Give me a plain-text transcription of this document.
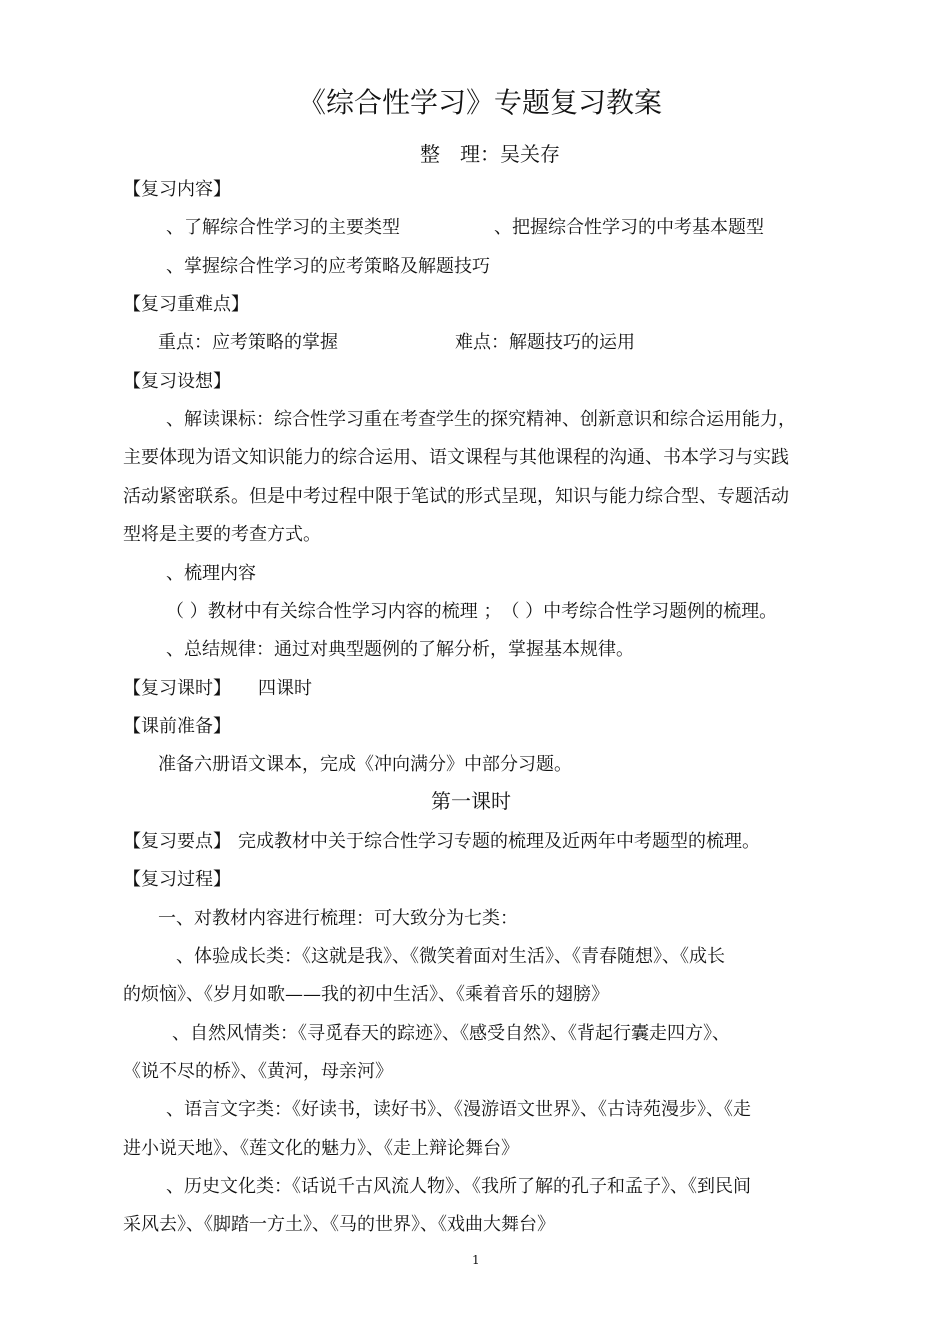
《综合性学习》专题复习教案
整　理：吴关存
【复习内容】
、了解综合性学习的主要类型	、把握综合性学习的中考基本题型
、掌握综合性学习的应考策略及解题技巧
【复习重难点】
重点：应考策略的掌握	难点：解题技巧的运用
【复习设想】
、解读课标：综合性学习重在考查学生的探究精神、创新意识和综合运用能力，
主要体现为语文知识能力的综合运用、语文课程与其他课程的沟通、书本学习与实践
活动紧密联系。但是中考过程中限于笔试的形式呈现，知识与能力综合型、专题活动
型将是主要的考查方式。
、梳理内容
（ ）教材中有关综合性学习内容的梳理 ；　（ ）中考综合性学习题例的梳理。
、总结规律：通过对典型题例的了解分析，掌握基本规律。
【复习课时】 四课时
【课前准备】
准备六册语文课本，完成《冲向满分》中部分习题。
第一课时
【复习要点】 完成教材中关于综合性学习专题的梳理及近两年中考题型的梳理。
【复习过程】
一、对教材内容进行梳理：可大致分为七类：
、体验成长类：《这就是我》、《微笑着面对生活》、《青春随想》、《成长
的烦恼》、《岁月如歌——我的初中生活》、《乘着音乐的翅膀》
、自然风情类：《寻觅春天的踪迹》、《感受自然》、《背起行囊走四方》、
《说不尽的桥》、《黄河，母亲河》
、语言文字类：《好读书，读好书》、《漫游语文世界》、《古诗苑漫步》、《走
进小说天地》、《莲文化的魅力》、《走上辩论舞台》
、历史文化类：《话说千古风流人物》、《我所了解的孔子和孟子》、《到民间
采风去》、《脚踏一方土》、《马的世界》、《戏曲大舞台》
1
